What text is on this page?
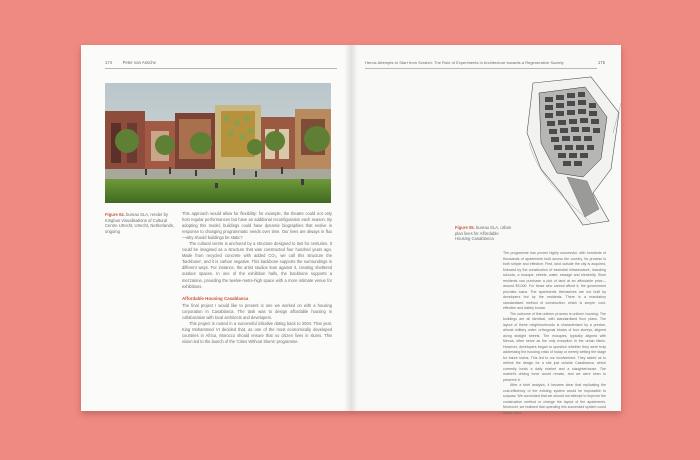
174 Peter van Assche
Figure 04. bureau SLA, render by Kingbus Visualisations of Cultural Centre Utrecht, Utrecht, Netherlands, ongoing

This approach would allow for flexibility: for example, the theatre could not only host regular performances but have an additional reconfiguration each season. By adopting this model, buildings could have dynamic biographies that evolve in response to changing programmatic needs over time. Our lives are always in flux—why should buildings be static?

The cultural centre is anchored by a structure designed to last for centuries. It could be imagined as a structure that was constructed four hundred years ago. Made from recycled concrete with added CO₂, we call this structure the 'backbone', and it is carbon negative. This backbone supports the surroundings in different ways. For instance, the artist studios lean against it, creating sheltered outdoor spaces. In one of the exhibition halls, the backbone supports a mezzanine, providing the twelve-metre-high space with a more intimate venue for exhibitions.

Affordable Housing Casablanca

The final project I would like to present is one we worked on with a housing corporation in Casablanca. The task was to design affordable housing in collaboration with local architects and developers.

This project is rooted in a successful initiative dating back to 2004. That year, King Mohammed VI decided that, as one of the most economically developed countries in Africa, Morocco should ensure that no citizen lives in slums. This vision led to the launch of the 'Cities Without Slums' programme.

Heroic Attempts to Start from Scratch: The Role of Experiments in Architecture towards a Regenerative Society	175
Figure 05. bureau SLA, urban plan lines for Affordable Housing Casablanca

The programme has proven highly successful, with hundreds of thousands of apartments built across the country. Its process is both simple and effective. First, land outside the city is acquired, followed by the construction of essential infrastructure, including schools, a mosque, streets, water, sewage and electricity. Slum residents can purchase a plot of land at an affordable price—around €5,000. For those who cannot afford it, the government provides loans. The apartments themselves are not built by developers but by the residents. There is a mandatory standardised method of construction, which is simple, cost-effective and widely known.

The outcome of this uniform process is uniform housing. The buildings are all identical, with standardised floor plans. The layout of these neighbourhoods is characterised by a precise, almost military order: orthogonal blocks of four storeys, aligned along straight streets. The mosques, typically aligned with Mecca, often serve as the only exception in the urban fabric. However, developers began to question whether they were truly addressing the housing crisis of today or merely setting the stage for future slums. This led to our involvement. They asked us to rethink the design for a site just outside Casablanca, which currently hosts a daily market and a slaughterhouse. The market's driving force would remain, and we were keen to preserve it.

After a brief analysis, it became clear that replicating the cost-efficiency of the existing system would be impossible to surpass. We concluded that we should not attempt to improve the construction method or change the layout of the apartments. Moreover, we realised that upending this successful system could cause more
